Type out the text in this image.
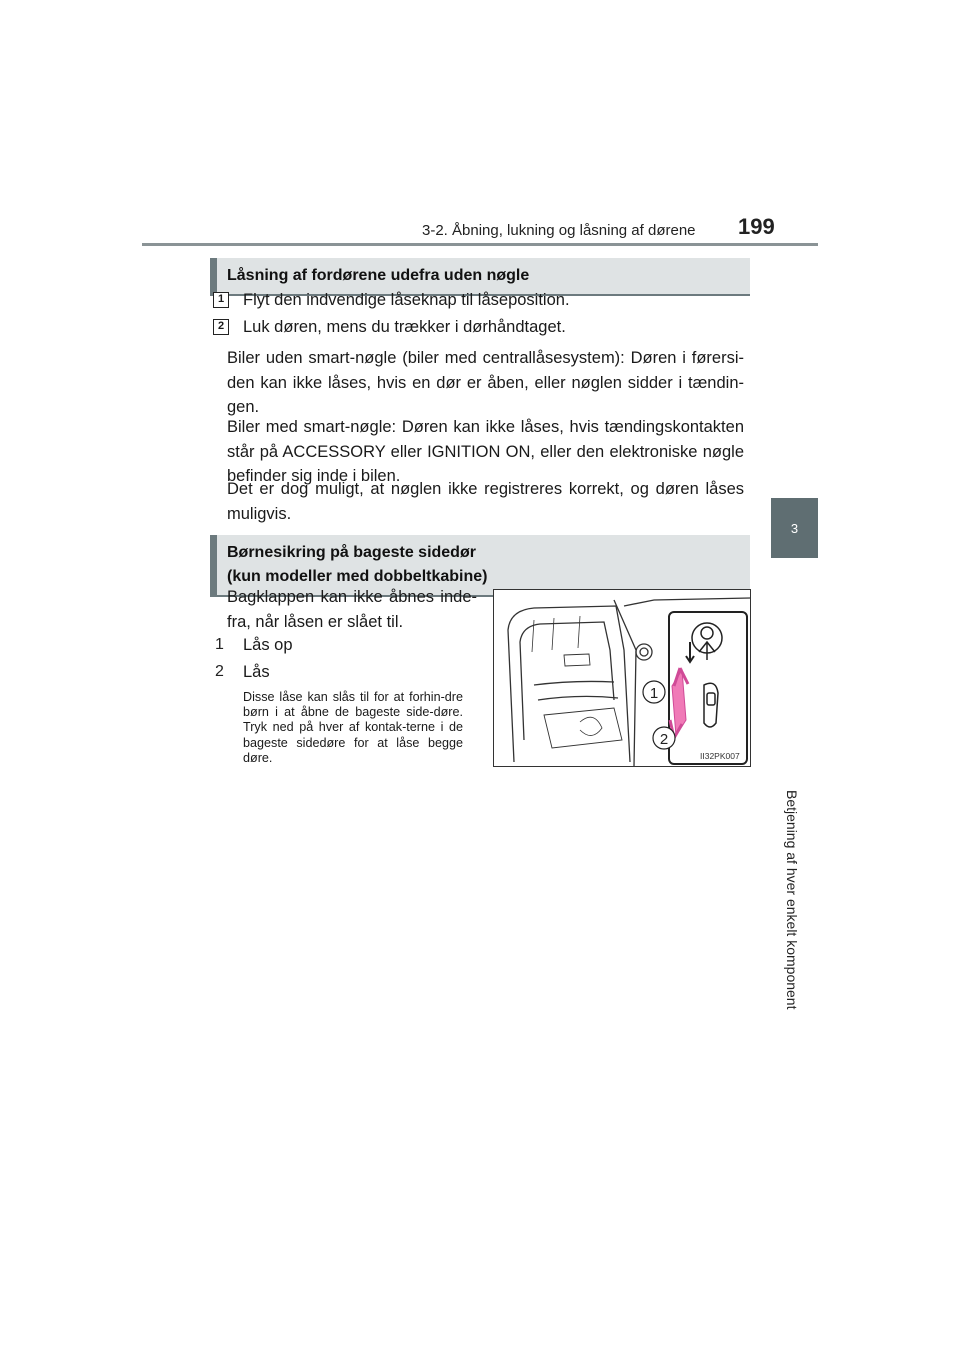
3-2. Åbning, lukning og låsning af dørene 199
3
Betjening af hver enkelt komponent
Låsning af fordørene udefra uden nøgle
1 Flyt den indvendige låseknap til låseposition.
2 Luk døren, mens du trækker i dørhåndtaget.
Biler uden smart-nøgle (biler med centrallåsesystem): Døren i førersi-den kan ikke låses, hvis en dør er åben, eller nøglen sidder i tændin-gen.
Biler med smart-nøgle: Døren kan ikke låses, hvis tændingskontakten står på ACCESSORY eller IGNITION ON, eller den elektroniske nøgle befinder sig inde i bilen.
Det er dog muligt, at nøglen ikke registreres korrekt, og døren låses muligvis.
Børnesikring på bageste sidedør
(kun modeller med dobbeltkabine)
Bagklappen kan ikke åbnes inde-fra, når låsen er slået til.
1 Lås op
2 Lås
Disse låse kan slås til for at forhin-dre børn i at åbne de bageste side-døre. Tryk ned på hver af kontak-terne i de bageste sidedøre for at låse begge døre.
1
2
II32PK007
